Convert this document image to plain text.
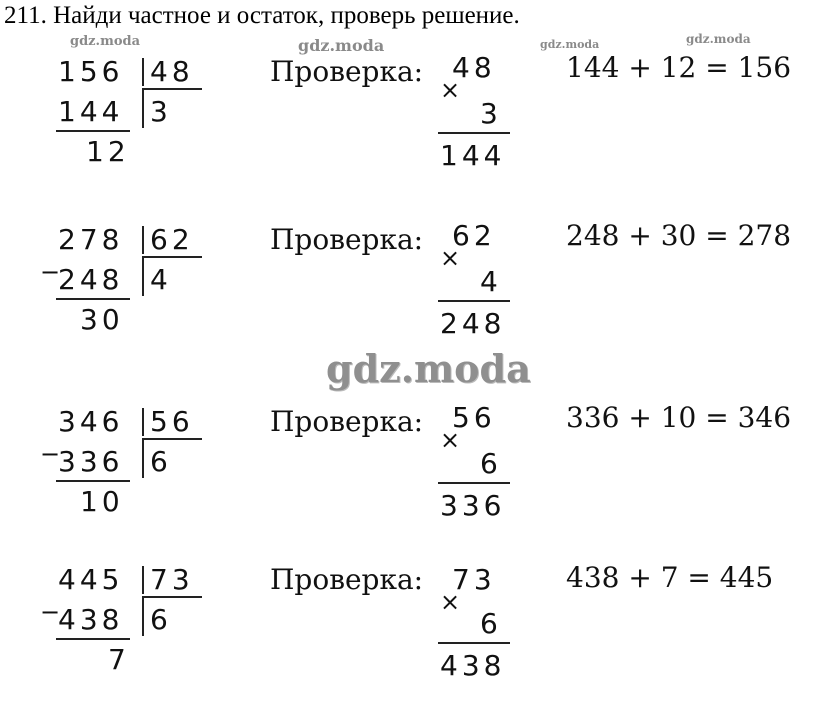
211. Найди частное и остаток, проверь решение.
gdz.moda	gdz.moda	gdz.moda	gdz.moda
gdz.moda
156 48
3
144
12
Проверка: 48
×
3
144
144 + 12 = 156
278 62
4
−
248
30
Проверка: 62
×
4
248
248 + 30 = 278
346 56
6
−
336
10
Проверка: 56
×
6
336
336 + 10 = 346
445 73
6
−
438
7
Проверка: 73
×
6
438
438 + 7 = 445
